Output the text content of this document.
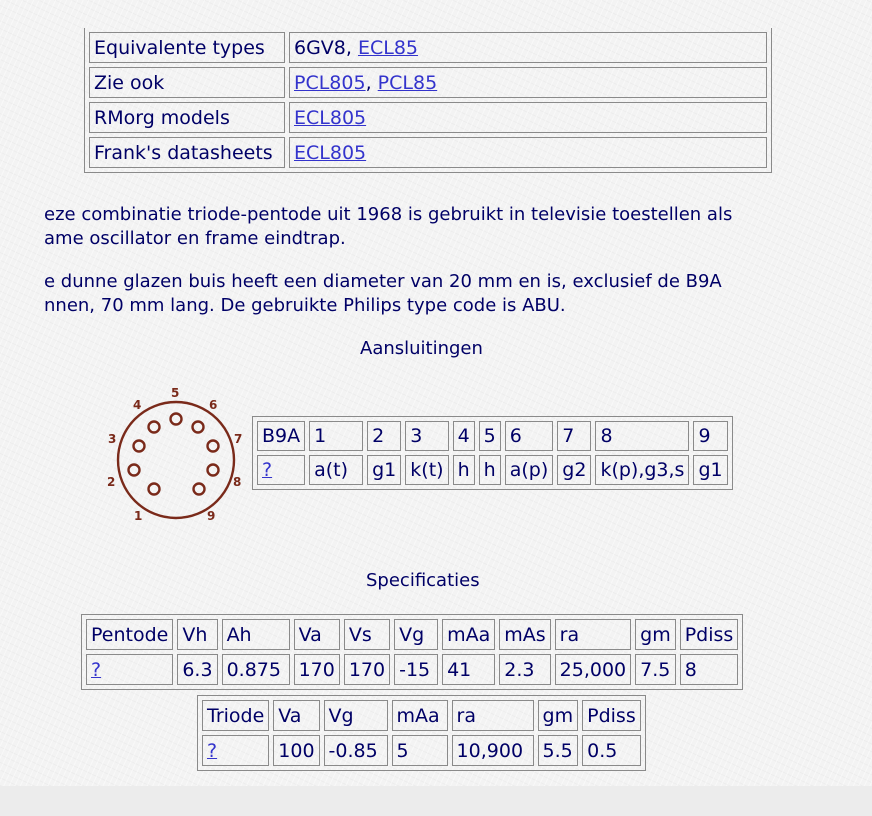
Equivalente types	6GV8, ECL85
Zie ook	PCL805, PCL85
RMorg models	ECL805
Frank's datasheets	ECL805

eze combinatie triode-pentode uit 1968 is gebruikt in televisie toestellen als
ame oscillator en frame eindtrap.

e dunne glazen buis heeft een diameter van 20 mm en is, exclusief de B9A
nnen, 70 mm lang. De gebruikte Philips type code is ABU.

Aansluitingen
1
2
3
4
5
6
7
8
9
B9A	1	2	3	4	5	6	7	8	9
?	a(t)	g1	k(t)	h	h	a(p)	g2	k(p),g3,s	g1
Specificaties
Pentode	Vh	Ah	Va	Vs	Vg	mAa	mAs	ra	gm	Pdiss
?	6.3	0.875	170	170	-15	41	2.3	25,000	7.5	8
Triode	Va	Vg	mAa	ra	gm	Pdiss
?	100	-0.85	5	10,900	5.5	0.5
